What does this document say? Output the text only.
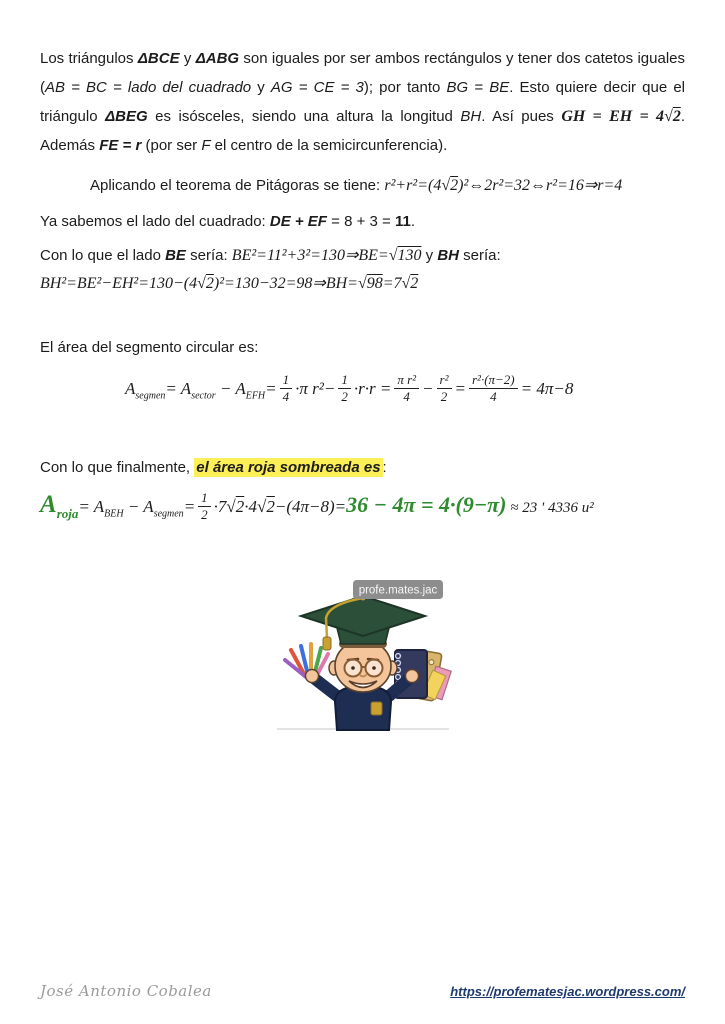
Los triángulos ΔBCE y ΔABG son iguales por ser ambos rectángulos y tener dos catetos iguales (AB = BC = lado del cuadrado y AG = CE = 3); por tanto BG = BE. Esto quiere decir que el triángulo ΔBEG es isósceles, siendo una altura la longitud BH. Así pues GH = EH = 4√2. Además FE = r (por ser F el centro de la semicircunferencia).

Aplicando el teorema de Pitágoras se tiene: r²+r²=(4√2)²⇔2r²=32⇔r²=16⇒r=4

Ya sabemos el lado del cuadrado: DE + EF = 8 + 3 = 11.

Con lo que el lado BE sería: BE²=11²+3²=130⇒BE=√130 y BH sería:

BH²=BE²−EH²=130−(4√2)²=130−32=98⇒BH=√98=7√2

El área del segmento circular es:

$A_{segmen}= A_{sector} - A_{EFH}= \frac{1}{4} \cdot\pi$ $r^2- \frac{1}{2} \cdot r\cdot r = \frac{\text{π r²}}{4} - \frac{\text{r²}}{2} = \frac{\text{r²·(π−2)}}{4} = 4\pi-8$

Con lo que finalmente, el área roja sombreada es :

$A_{roja}= A_{BEH} - A_{segmen}= \frac{1}{2} \cdot 7√2\cdot 4√2-(4\pi-8)=36 - 4\pi = 4\cdot(9-\pi) \approx 23$ ' 4336 u²
profe.mates.jac
José Antonio Cobalea	https://profematesjac.wordpress.com/
